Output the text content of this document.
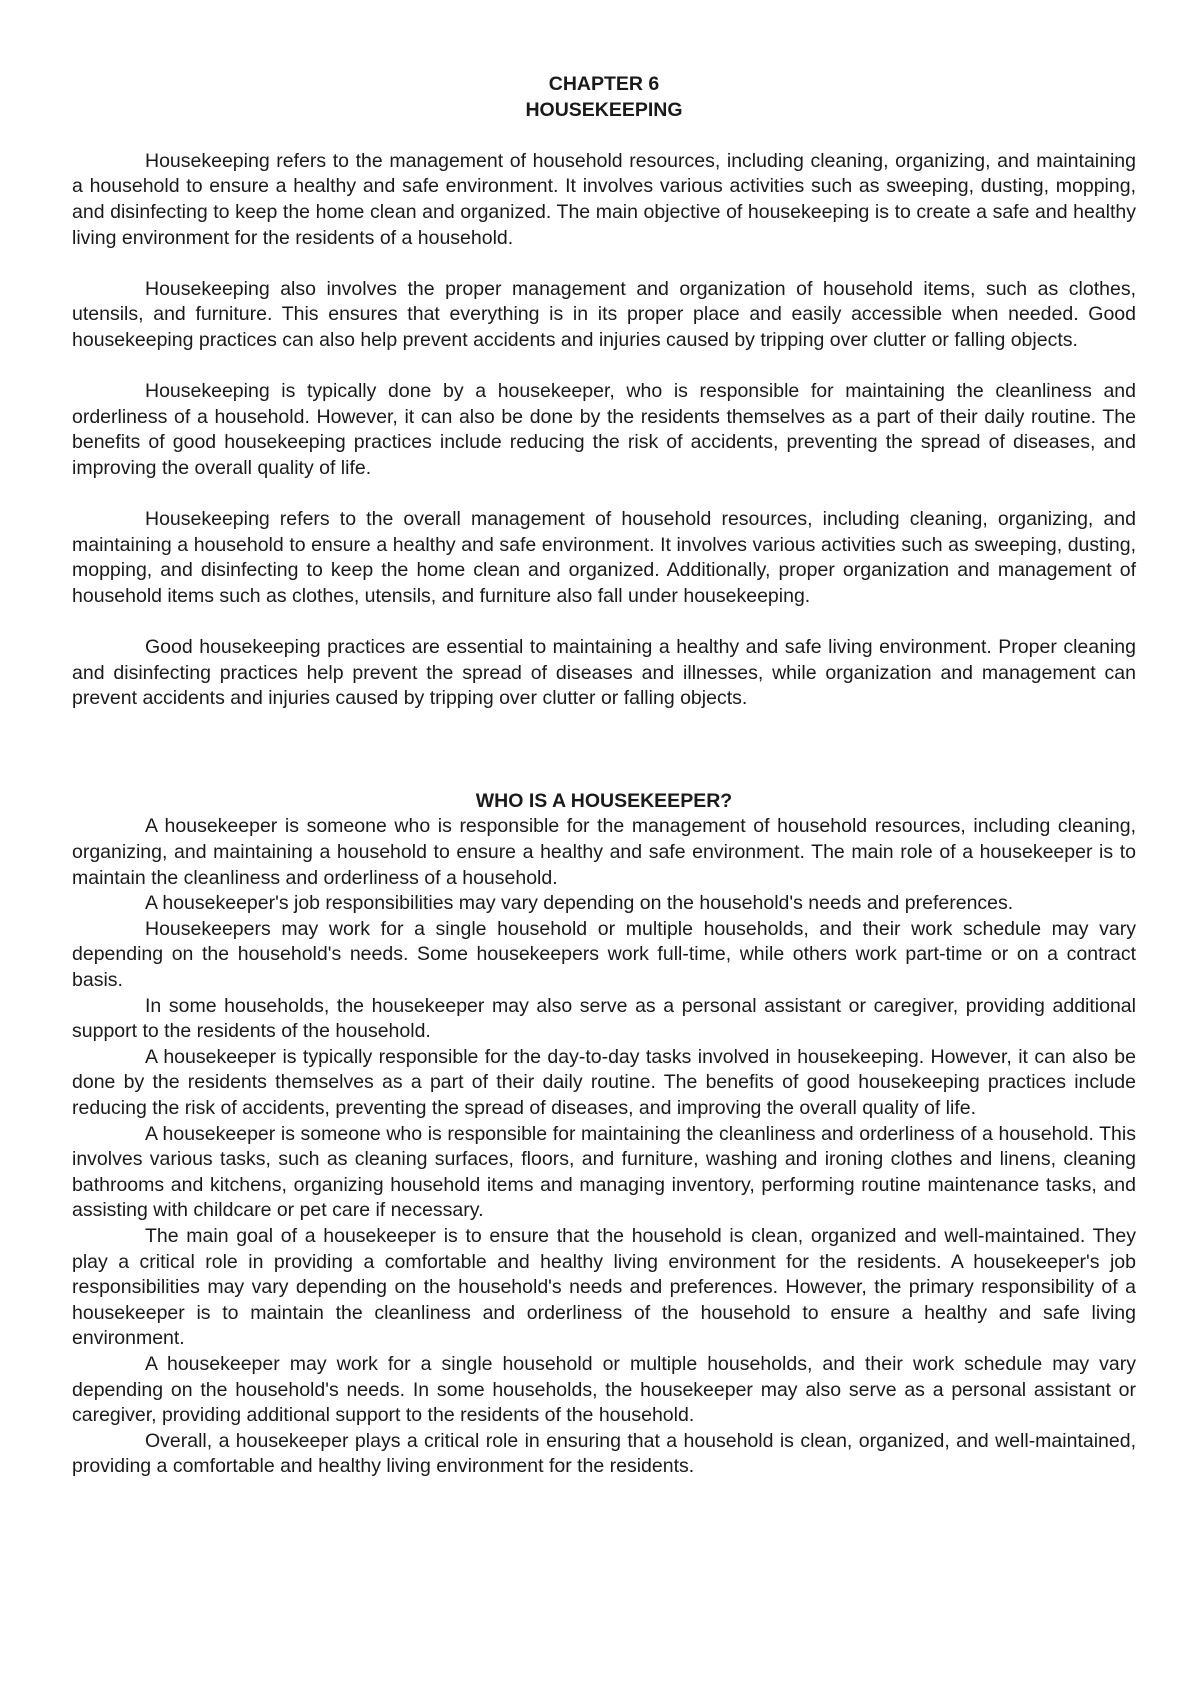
CHAPTER 6

HOUSEKEEPING

Housekeeping refers to the management of household resources, including cleaning, organizing, and maintaining a household to ensure a healthy and safe environment. It involves various activities such as sweeping, dusting, mopping, and disinfecting to keep the home clean and organized. The main objective of housekeeping is to create a safe and healthy living environment for the residents of a household.

Housekeeping also involves the proper management and organization of household items, such as clothes, utensils, and furniture. This ensures that everything is in its proper place and easily accessible when needed. Good housekeeping practices can also help prevent accidents and injuries caused by tripping over clutter or falling objects.

Housekeeping is typically done by a housekeeper, who is responsible for maintaining the cleanliness and orderliness of a household. However, it can also be done by the residents themselves as a part of their daily routine. The benefits of good housekeeping practices include reducing the risk of accidents, preventing the spread of diseases, and improving the overall quality of life.

Housekeeping refers to the overall management of household resources, including cleaning, organizing, and maintaining a household to ensure a healthy and safe environment. It involves various activities such as sweeping, dusting, mopping, and disinfecting to keep the home clean and organized. Additionally, proper organization and management of household items such as clothes, utensils, and furniture also fall under housekeeping.

Good housekeeping practices are essential to maintaining a healthy and safe living environment. Proper cleaning and disinfecting practices help prevent the spread of diseases and illnesses, while organization and management can prevent accidents and injuries caused by tripping over clutter or falling objects.

WHO IS A HOUSEKEEPER?

A housekeeper is someone who is responsible for the management of household resources, including cleaning, organizing, and maintaining a household to ensure a healthy and safe environment. The main role of a housekeeper is to maintain the cleanliness and orderliness of a household.

A housekeeper's job responsibilities may vary depending on the household's needs and preferences.

Housekeepers may work for a single household or multiple households, and their work schedule may vary depending on the household's needs. Some housekeepers work full-time, while others work part-time or on a contract basis.

In some households, the housekeeper may also serve as a personal assistant or caregiver, providing additional support to the residents of the household.

A housekeeper is typically responsible for the day-to-day tasks involved in housekeeping. However, it can also be done by the residents themselves as a part of their daily routine. The benefits of good housekeeping practices include reducing the risk of accidents, preventing the spread of diseases, and improving the overall quality of life.

A housekeeper is someone who is responsible for maintaining the cleanliness and orderliness of a household. This involves various tasks, such as cleaning surfaces, floors, and furniture, washing and ironing clothes and linens, cleaning bathrooms and kitchens, organizing household items and managing inventory, performing routine maintenance tasks, and assisting with childcare or pet care if necessary.

The main goal of a housekeeper is to ensure that the household is clean, organized and well-maintained. They play a critical role in providing a comfortable and healthy living environment for the residents. A housekeeper's job responsibilities may vary depending on the household's needs and preferences. However, the primary responsibility of a housekeeper is to maintain the cleanliness and orderliness of the household to ensure a healthy and safe living environment.

A housekeeper may work for a single household or multiple households, and their work schedule may vary depending on the household's needs. In some households, the housekeeper may also serve as a personal assistant or caregiver, providing additional support to the residents of the household.

Overall, a housekeeper plays a critical role in ensuring that a household is clean, organized, and well-maintained, providing a comfortable and healthy living environment for the residents.
